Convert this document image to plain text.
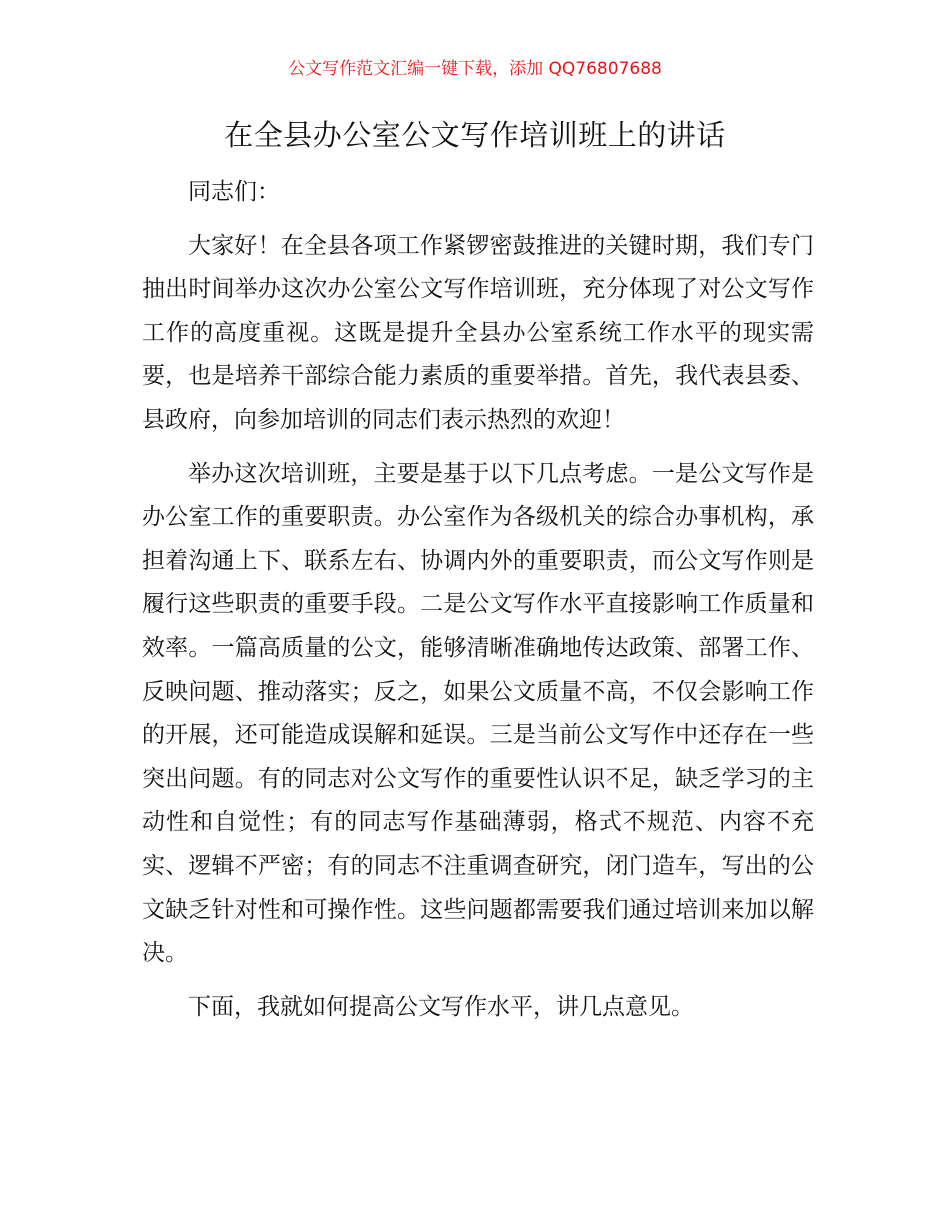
公文写作范文汇编一键下载，添加 QQ76807688
在全县办公室公文写作培训班上的讲话

同志们：

大家好！在全县各项工作紧锣密鼓推进的关键时期，我们专门抽出时间举办这次办公室公文写作培训班，充分体现了对公文写作工作的高度重视。这既是提升全县办公室系统工作水平的现实需要，也是培养干部综合能力素质的重要举措。首先，我代表县委、县政府，向参加培训的同志们表示热烈的欢迎！

举办这次培训班，主要是基于以下几点考虑。一是公文写作是办公室工作的重要职责。办公室作为各级机关的综合办事机构，承担着沟通上下、联系左右、协调内外的重要职责，而公文写作则是履行这些职责的重要手段。二是公文写作水平直接影响工作质量和效率。一篇高质量的公文，能够清晰准确地传达政策、部署工作、反映问题、推动落实；反之，如果公文质量不高，不仅会影响工作的开展，还可能造成误解和延误。三是当前公文写作中还存在一些突出问题。有的同志对公文写作的重要性认识不足，缺乏学习的主动性和自觉性；有的同志写作基础薄弱，格式不规范、内容不充实、逻辑不严密；有的同志不注重调查研究，闭门造车，写出的公文缺乏针对性和可操作性。这些问题都需要我们通过培训来加以解决。

下面，我就如何提高公文写作水平，讲几点意见。
